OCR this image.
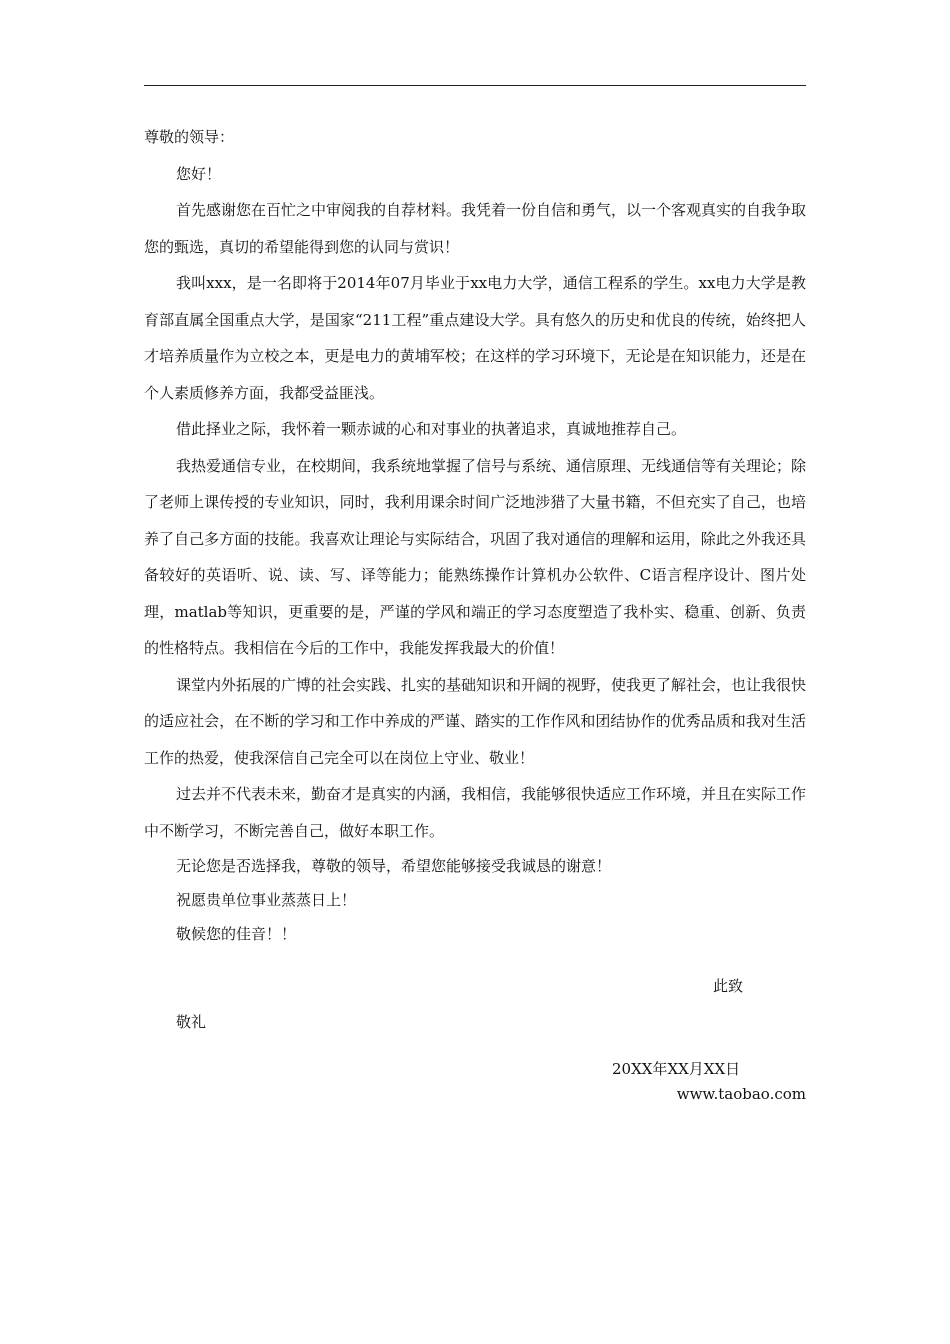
尊敬的领导：

您好！

首先感谢您在百忙之中审阅我的自荐材料。我凭着一份自信和勇气，以一个客观真实的自我争取您的甄选，真切的希望能得到您的认同与赏识！

我叫xxx，是一名即将于2014年07月毕业于xx电力大学，通信工程系的学生。xx电力大学是教育部直属全国重点大学，是国家“211工程”重点建设大学。具有悠久的历史和优良的传统，始终把人才培养质量作为立校之本，更是电力的黄埔军校；在这样的学习环境下，无论是在知识能力，还是在个人素质修养方面，我都受益匪浅。

借此择业之际，我怀着一颗赤诚的心和对事业的执著追求，真诚地推荐自己。

我热爱通信专业，在校期间，我系统地掌握了信号与系统、通信原理、无线通信等有关理论；除了老师上课传授的专业知识，同时，我利用课余时间广泛地涉猎了大量书籍，不但充实了自己，也培养了自己多方面的技能。我喜欢让理论与实际结合，巩固了我对通信的理解和运用，除此之外我还具备较好的英语听、说、读、写、译等能力；能熟练操作计算机办公软件、C语言程序设计、图片处理，matlab等知识，更重要的是，严谨的学风和端正的学习态度塑造了我朴实、稳重、创新、负责的性格特点。我相信在今后的工作中，我能发挥我最大的价值！

课堂内外拓展的广博的社会实践、扎实的基础知识和开阔的视野，使我更了解社会，也让我很快的适应社会，在不断的学习和工作中养成的严谨、踏实的工作作风和团结协作的优秀品质和我对生活工作的热爱，使我深信自己完全可以在岗位上守业、敬业！

过去并不代表未来，勤奋才是真实的内涵，我相信，我能够很快适应工作环境，并且在实际工作中不断学习，不断完善自己，做好本职工作。

无论您是否选择我，尊敬的领导，希望您能够接受我诚恳的谢意！

祝愿贵单位事业蒸蒸日上！

敬候您的佳音！！

此致
敬礼
20XX年XX月XX日
www.taobao.com
